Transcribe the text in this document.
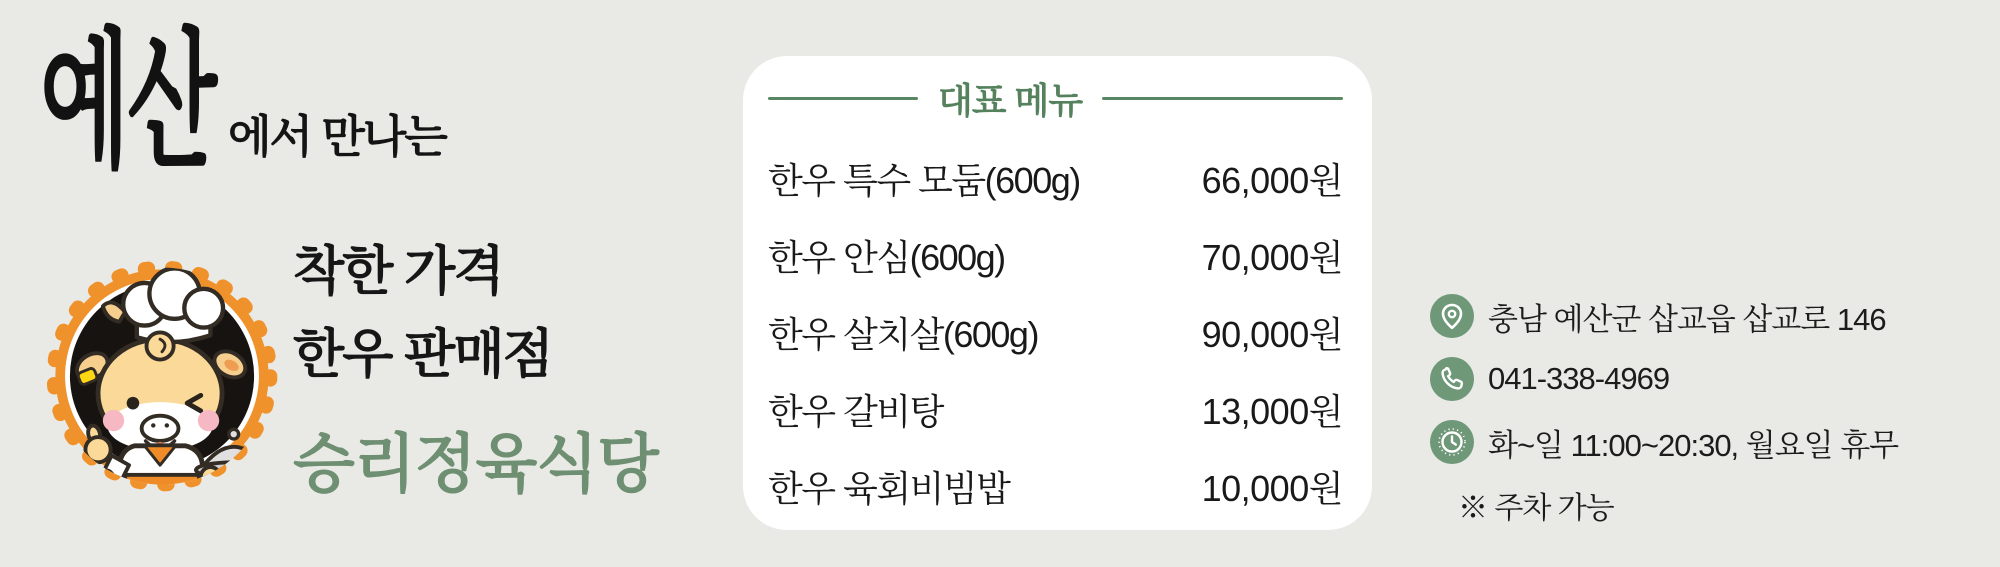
예산 에서 만나는
착한 가격
한우 판매점
승리정육식당
대표 메뉴
한우 특수 모둠(600g)	66,000원
한우 안심(600g)	70,000원
한우 살치살(600g)	90,000원
한우 갈비탕	13,000원
한우 육회비빔밥	10,000원
충남 예산군 삽교읍 삽교로 146
041-338-4969
화~일 11:00~20:30, 월요일 휴무
※ 주차 가능
